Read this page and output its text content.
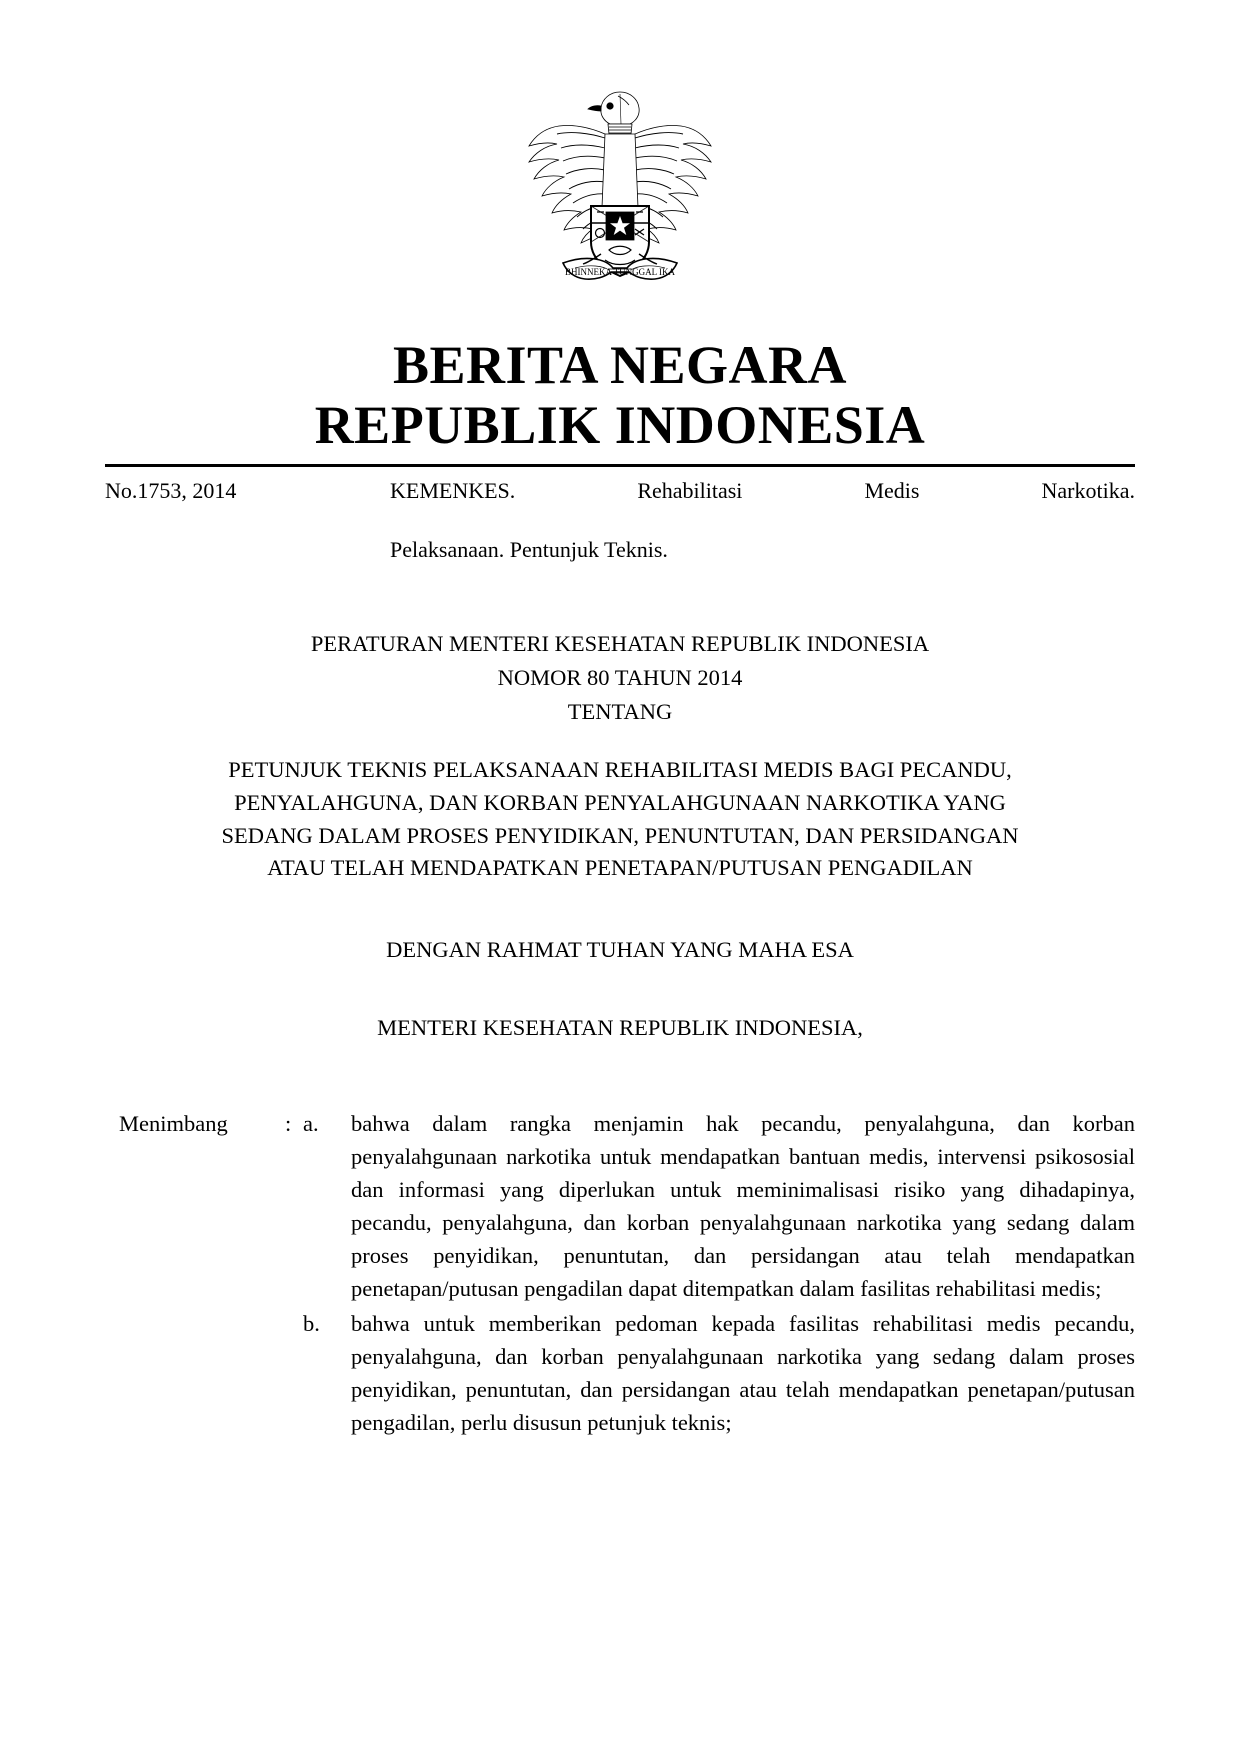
BHINNEKA TUNGGAL IKA
BERITA NEGARA
REPUBLIK INDONESIA
No.1753, 2014	KEMENKES. Rehabilitasi Medis Narkotika.
Pelaksanaan. Pentunjuk Teknis.
PERATURAN MENTERI KESEHATAN REPUBLIK INDONESIA
NOMOR 80 TAHUN 2014
TENTANG
PETUNJUK TEKNIS PELAKSANAAN REHABILITASI MEDIS BAGI PECANDU,
PENYALAHGUNA, DAN KORBAN PENYALAHGUNAAN NARKOTIKA YANG
SEDANG DALAM PROSES PENYIDIKAN, PENUNTUTAN, DAN PERSIDANGAN
ATAU TELAH MENDAPATKAN PENETAPAN/PUTUSAN PENGADILAN
DENGAN RAHMAT TUHAN YANG MAHA ESA
MENTERI KESEHATAN REPUBLIK INDONESIA,
Menimbang	: a.	bahwa dalam rangka menjamin hak pecandu, penyalahguna, dan korban penyalahgunaan narkotika untuk mendapatkan bantuan medis, intervensi psikososial dan informasi yang diperlukan untuk meminimalisasi risiko yang dihadapinya, pecandu, penyalahguna, dan korban penyalahgunaan narkotika yang sedang dalam proses penyidikan, penuntutan, dan persidangan atau telah mendapatkan penetapan/putusan pengadilan dapat ditempatkan dalam fasilitas rehabilitasi medis;
b.	bahwa untuk memberikan pedoman kepada fasilitas rehabilitasi medis pecandu, penyalahguna, dan korban penyalahgunaan narkotika yang sedang dalam proses penyidikan, penuntutan, dan persidangan atau telah mendapatkan penetapan/putusan pengadilan, perlu disusun petunjuk teknis;
